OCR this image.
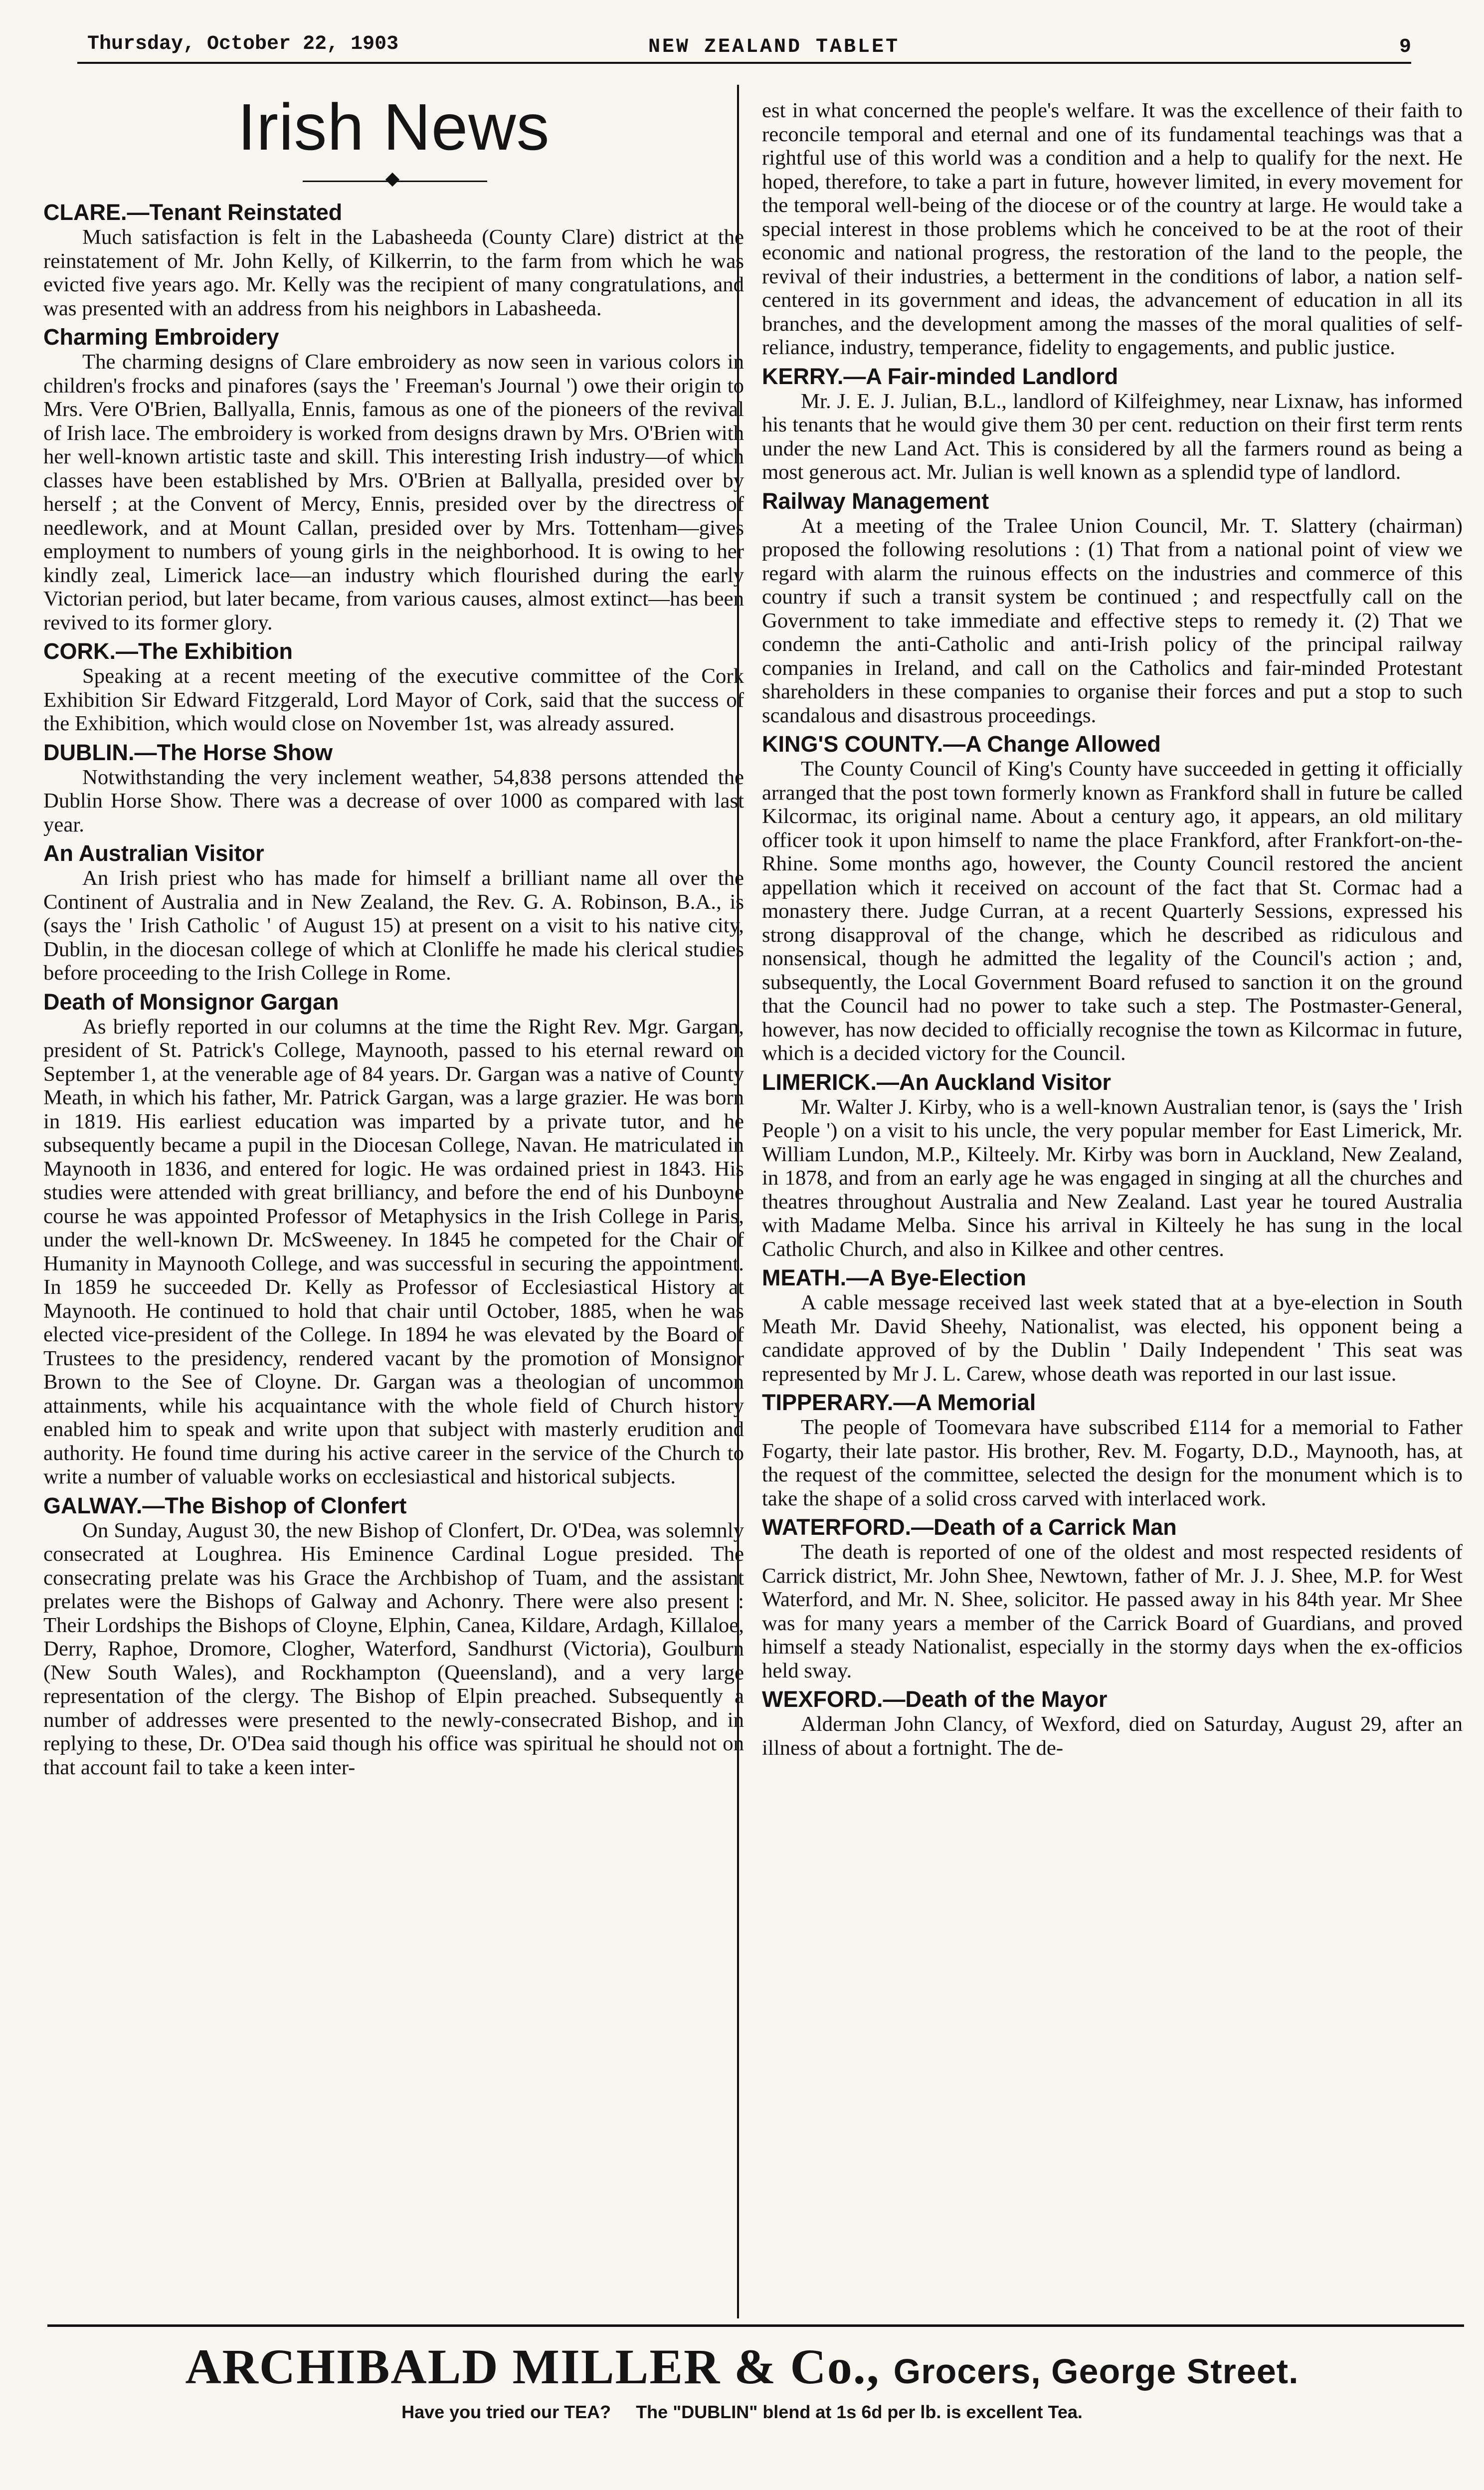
Thursday, October 22, 1903	NEW ZEALAND TABLET	9
Irish News

CLARE.—Tenant Reinstated

Much satisfaction is felt in the Labasheeda (County Clare) district at the reinstatement of Mr. John Kelly, of Kilkerrin, to the farm from which he was evicted five years ago. Mr. Kelly was the recipient of many congratulations, and was presented with an address from his neighbors in Labasheeda.

Charming Embroidery

The charming designs of Clare embroidery as now seen in various colors in children's frocks and pinafores (says the ' Freeman's Journal ') owe their origin to Mrs. Vere O'Brien, Ballyalla, Ennis, famous as one of the pioneers of the revival of Irish lace. The embroidery is worked from designs drawn by Mrs. O'Brien with her well-known artistic taste and skill. This interesting Irish industry—of which classes have been established by Mrs. O'Brien at Ballyalla, presided over by herself ; at the Convent of Mercy, Ennis, presided over by the directress of needlework, and at Mount Callan, presided over by Mrs. Tottenham—gives employment to numbers of young girls in the neighborhood. It is owing to her kindly zeal, Limerick lace—an industry which flourished during the early Victorian period, but later became, from various causes, almost extinct—has been revived to its former glory.

CORK.—The Exhibition

Speaking at a recent meeting of the executive committee of the Cork Exhibition Sir Edward Fitzgerald, Lord Mayor of Cork, said that the success of the Exhibition, which would close on November 1st, was already assured.

DUBLIN.—The Horse Show

Notwithstanding the very inclement weather, 54,838 persons attended the Dublin Horse Show. There was a decrease of over 1000 as compared with last year.

An Australian Visitor

An Irish priest who has made for himself a brilliant name all over the Continent of Australia and in New Zealand, the Rev. G. A. Robinson, B.A., is (says the ' Irish Catholic ' of August 15) at present on a visit to his native city, Dublin, in the diocesan college of which at Clonliffe he made his clerical studies before proceeding to the Irish College in Rome.

Death of Monsignor Gargan

As briefly reported in our columns at the time the Right Rev. Mgr. Gargan, president of St. Patrick's College, Maynooth, passed to his eternal reward on September 1, at the venerable age of 84 years. Dr. Gargan was a native of County Meath, in which his father, Mr. Patrick Gargan, was a large grazier. He was born in 1819. His earliest education was imparted by a private tutor, and he subsequently became a pupil in the Diocesan College, Navan. He matriculated in Maynooth in 1836, and entered for logic. He was ordained priest in 1843. His studies were attended with great brilliancy, and before the end of his Dunboyne course he was appointed Professor of Metaphysics in the Irish College in Paris, under the well-known Dr. McSweeney. In 1845 he competed for the Chair of Humanity in Maynooth College, and was successful in securing the appointment. In 1859 he succeeded Dr. Kelly as Professor of Ecclesiastical History at Maynooth. He continued to hold that chair until October, 1885, when he was elected vice-president of the College. In 1894 he was elevated by the Board of Trustees to the presidency, rendered vacant by the promotion of Monsignor Brown to the See of Cloyne. Dr. Gargan was a theologian of uncommon attainments, while his acquaintance with the whole field of Church history enabled him to speak and write upon that subject with masterly erudition and authority. He found time during his active career in the service of the Church to write a number of valuable works on ecclesiastical and historical subjects.

GALWAY.—The Bishop of Clonfert

On Sunday, August 30, the new Bishop of Clonfert, Dr. O'Dea, was solemnly consecrated at Loughrea. His Eminence Cardinal Logue presided. The consecrating prelate was his Grace the Archbishop of Tuam, and the assistant prelates were the Bishops of Galway and Achonry. There were also present : Their Lordships the Bishops of Cloyne, Elphin, Canea, Kildare, Ardagh, Killaloe, Derry, Raphoe, Dromore, Clogher, Waterford, Sandhurst (Victoria), Goulburn (New South Wales), and Rockhampton (Queensland), and a very large representation of the clergy. The Bishop of Elpin preached. Subsequently a number of addresses were presented to the newly-consecrated Bishop, and in replying to these, Dr. O'Dea said though his office was spiritual he should not on that account fail to take a keen inter-

est in what concerned the people's welfare. It was the excellence of their faith to reconcile temporal and eternal and one of its fundamental teachings was that a rightful use of this world was a condition and a help to qualify for the next. He hoped, therefore, to take a part in future, however limited, in every movement for the temporal well-being of the diocese or of the country at large. He would take a special interest in those problems which he conceived to be at the root of their economic and national progress, the restoration of the land to the people, the revival of their industries, a betterment in the conditions of labor, a nation self-centered in its government and ideas, the advancement of education in all its branches, and the development among the masses of the moral qualities of self-reliance, industry, temperance, fidelity to engagements, and public justice.

KERRY.—A Fair-minded Landlord

Mr. J. E. J. Julian, B.L., landlord of Kilfeighmey, near Lixnaw, has informed his tenants that he would give them 30 per cent. reduction on their first term rents under the new Land Act. This is considered by all the farmers round as being a most generous act. Mr. Julian is well known as a splendid type of landlord.

Railway Management

At a meeting of the Tralee Union Council, Mr. T. Slattery (chairman) proposed the following resolutions : (1) That from a national point of view we regard with alarm the ruinous effects on the industries and commerce of this country if such a transit system be continued ; and respectfully call on the Government to take immediate and effective steps to remedy it. (2) That we condemn the anti-Catholic and anti-Irish policy of the principal railway companies in Ireland, and call on the Catholics and fair-minded Protestant shareholders in these companies to organise their forces and put a stop to such scandalous and disastrous proceedings.

KING'S COUNTY.—A Change Allowed

The County Council of King's County have succeeded in getting it officially arranged that the post town formerly known as Frankford shall in future be called Kilcormac, its original name. About a century ago, it appears, an old military officer took it upon himself to name the place Frankford, after Frankfort-on-the-Rhine. Some months ago, however, the County Council restored the ancient appellation which it received on account of the fact that St. Cormac had a monastery there. Judge Curran, at a recent Quarterly Sessions, expressed his strong disapproval of the change, which he described as ridiculous and nonsensical, though he admitted the legality of the Council's action ; and, subsequently, the Local Government Board refused to sanction it on the ground that the Council had no power to take such a step. The Postmaster-General, however, has now decided to officially recognise the town as Kilcormac in future, which is a decided victory for the Council.

LIMERICK.—An Auckland Visitor

Mr. Walter J. Kirby, who is a well-known Australian tenor, is (says the ' Irish People ') on a visit to his uncle, the very popular member for East Limerick, Mr. William Lundon, M.P., Kilteely. Mr. Kirby was born in Auckland, New Zealand, in 1878, and from an early age he was engaged in singing at all the churches and theatres throughout Australia and New Zealand. Last year he toured Australia with Madame Melba. Since his arrival in Kilteely he has sung in the local Catholic Church, and also in Kilkee and other centres.

MEATH.—A Bye-Election

A cable message received last week stated that at a bye-election in South Meath Mr. David Sheehy, Nationalist, was elected, his opponent being a candidate approved of by the Dublin ' Daily Independent ' This seat was represented by Mr J. L. Carew, whose death was reported in our last issue.

TIPPERARY.—A Memorial

The people of Toomevara have subscribed £114 for a memorial to Father Fogarty, their late pastor. His brother, Rev. M. Fogarty, D.D., Maynooth, has, at the request of the committee, selected the design for the monument which is to take the shape of a solid cross carved with interlaced work.

WATERFORD.—Death of a Carrick Man

The death is reported of one of the oldest and most respected residents of Carrick district, Mr. John Shee, Newtown, father of Mr. J. J. Shee, M.P. for West Waterford, and Mr. N. Shee, solicitor. He passed away in his 84th year. Mr Shee was for many years a member of the Carrick Board of Guardians, and proved himself a steady Nationalist, especially in the stormy days when the ex-officios held sway.

WEXFORD.—Death of the Mayor

Alderman John Clancy, of Wexford, died on Saturday, August 29, after an illness of about a fortnight. The de-

ARCHIBALD MILLER & Co., Grocers, George Street.
Have you tried our TEA? The "DUBLIN" blend at 1s 6d per lb. is excellent Tea.
